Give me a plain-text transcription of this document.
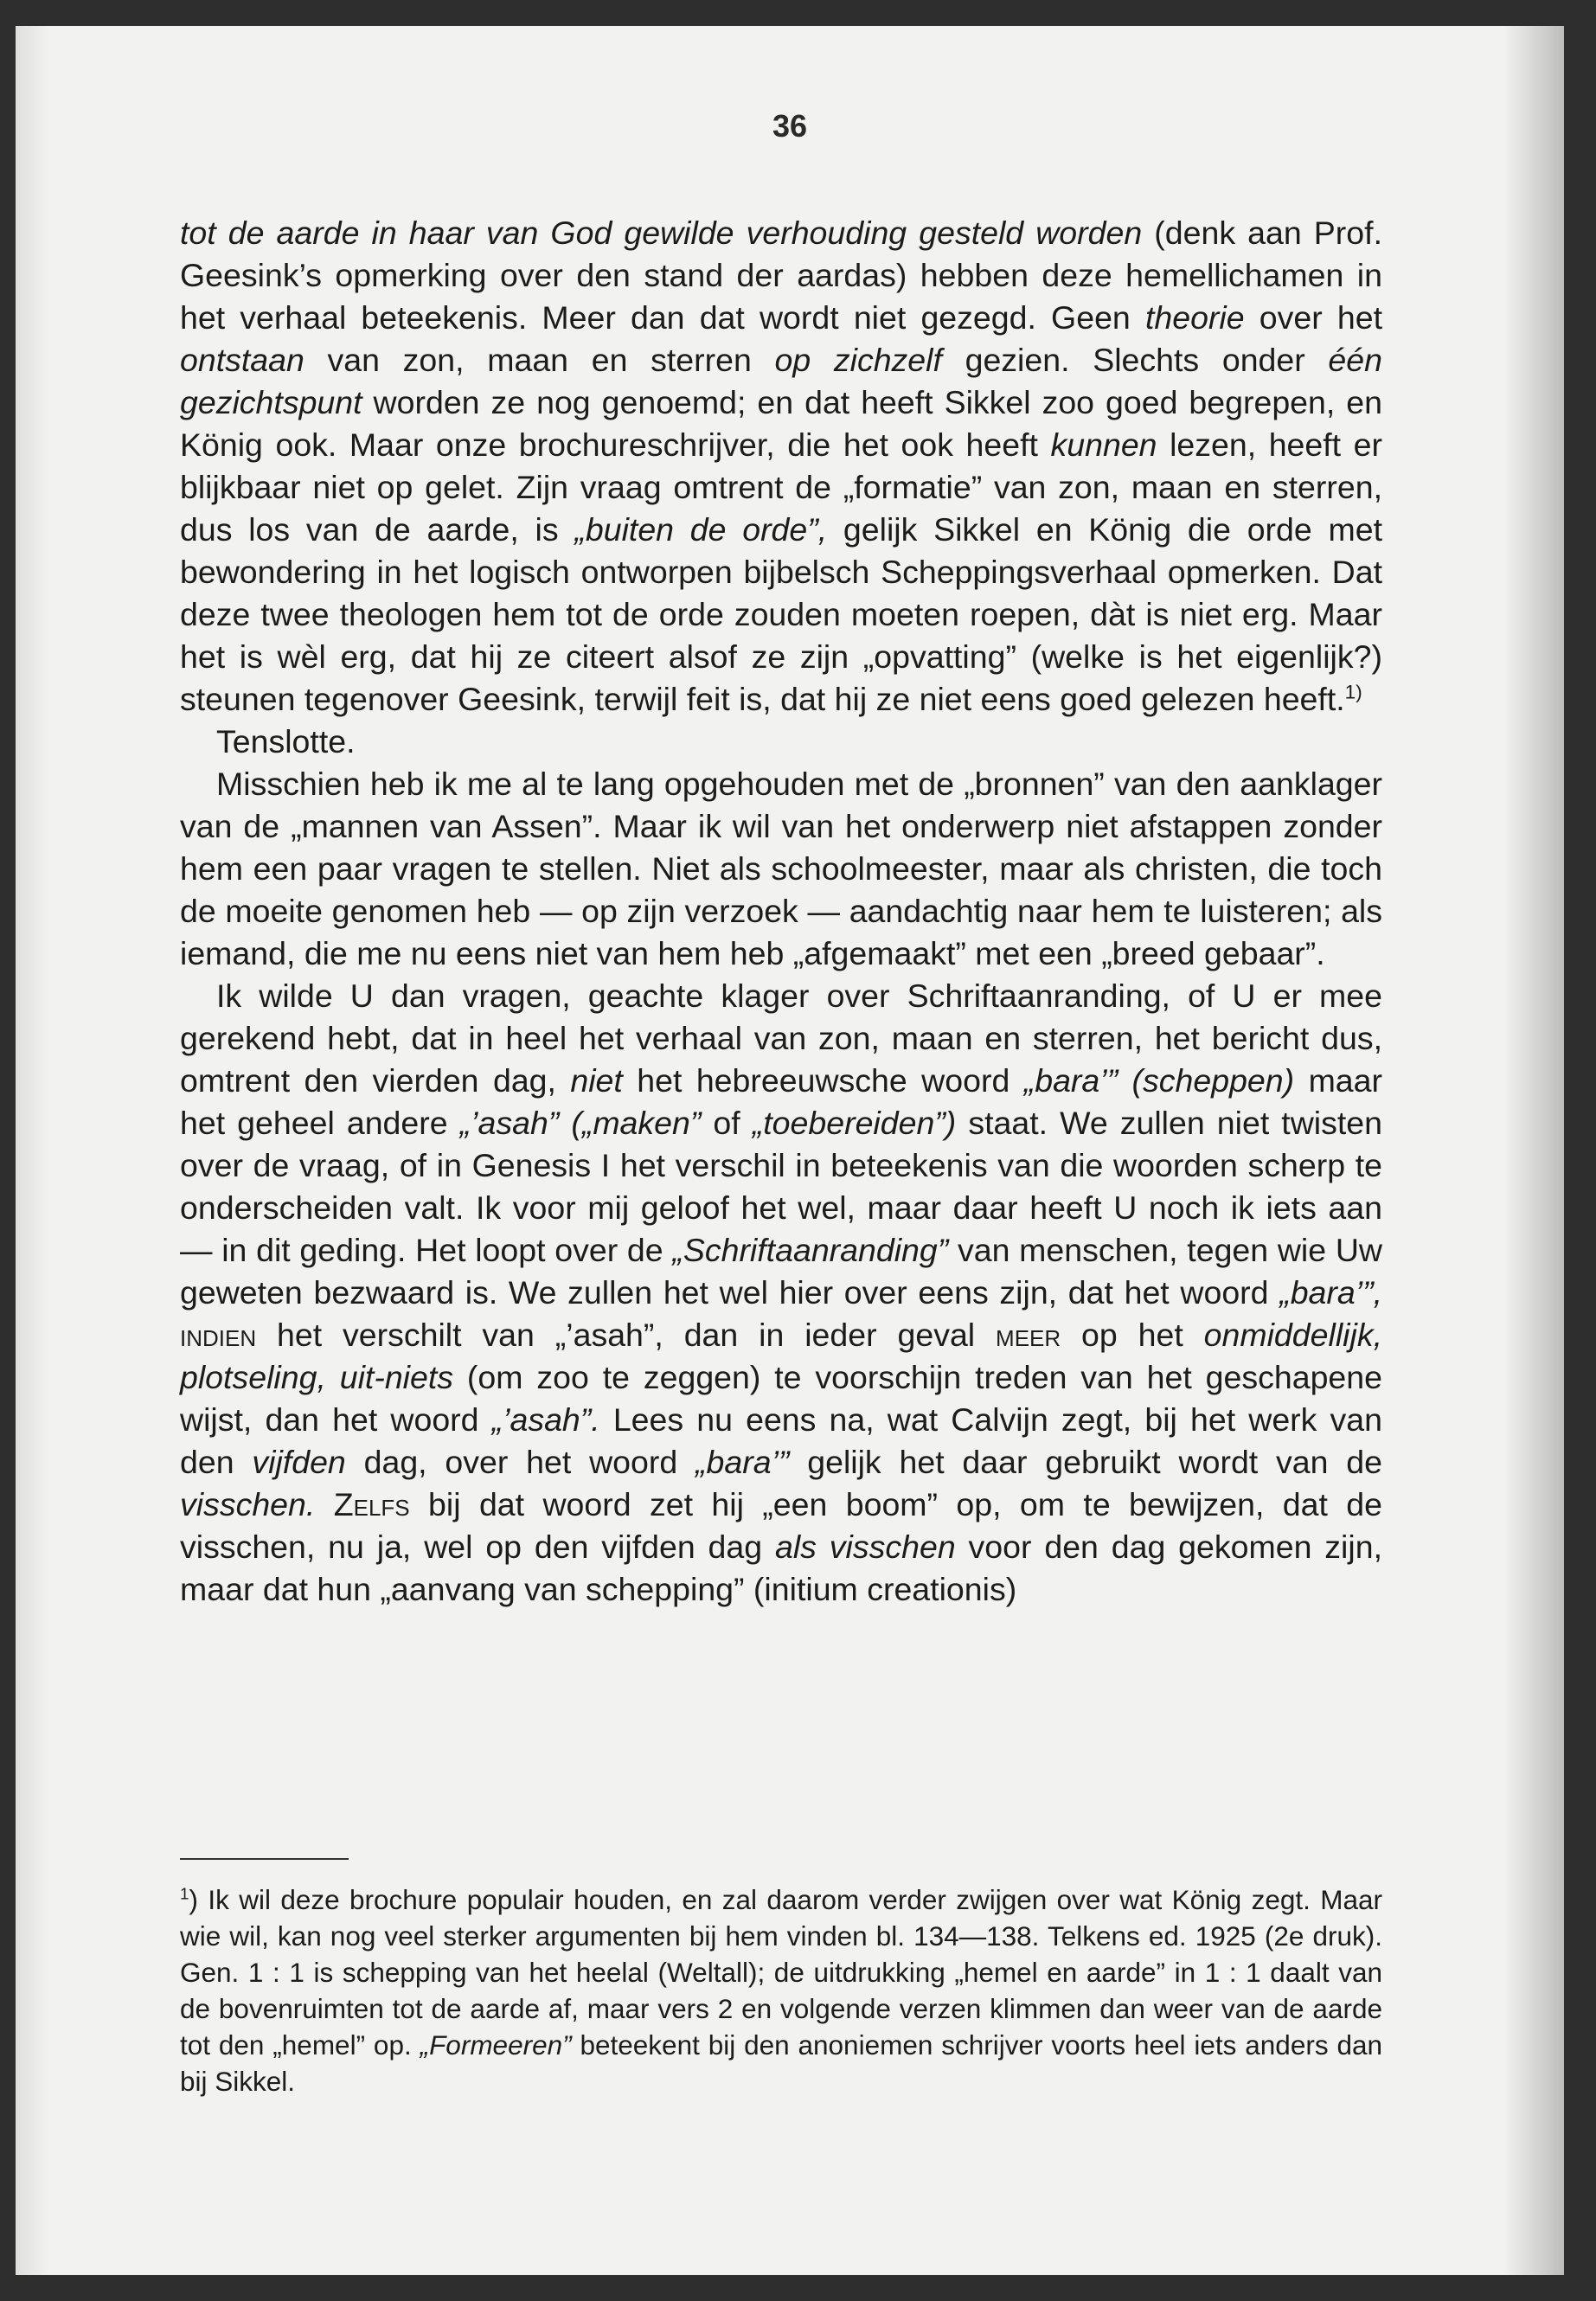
36

tot de aarde in haar van God gewilde verhouding gesteld worden (denk aan Prof. Geesink’s opmerking over den stand der aardas) hebben deze hemellichamen in het verhaal beteekenis. Meer dan dat wordt niet gezegd. Geen theorie over het ontstaan van zon, maan en sterren op zichzelf gezien. Slechts onder één gezichtspunt worden ze nog genoemd; en dat heeft Sikkel zoo goed begrepen, en König ook. Maar onze brochureschrijver, die het ook heeft kunnen lezen, heeft er blijkbaar niet op gelet. Zijn vraag omtrent de „formatie” van zon, maan en sterren, dus los van de aarde, is „buiten de orde”, gelijk Sikkel en König die orde met bewondering in het logisch ontworpen bijbelsch Scheppingsverhaal opmerken. Dat deze twee theologen hem tot de orde zouden moeten roepen, dàt is niet erg. Maar het is wèl erg, dat hij ze citeert alsof ze zijn „opvatting” (welke is het eigenlijk?) steunen tegenover Geesink, terwijl feit is, dat hij ze niet eens goed gelezen heeft.$^{1)}$

Tenslotte.

Misschien heb ik me al te lang opgehouden met de „bronnen” van den aanklager van de „mannen van Assen”. Maar ik wil van het onderwerp niet afstappen zonder hem een paar vragen te stellen. Niet als schoolmeester, maar als christen, die toch de moeite genomen heb — op zijn verzoek — aandachtig naar hem te luisteren; als iemand, die me nu eens niet van hem heb „afgemaakt” met een „breed gebaar”.

Ik wilde U dan vragen, geachte klager over Schriftaanranding, of U er mee gerekend hebt, dat in heel het verhaal van zon, maan en sterren, het bericht dus, omtrent den vierden dag, niet het hebreeuwsche woord „bara’” (scheppen) maar het geheel andere „’asah” („maken” of „toebereiden”) staat. We zullen niet twisten over de vraag, of in Genesis I het verschil in beteekenis van die woorden scherp te onderscheiden valt. Ik voor mij geloof het wel, maar daar heeft U noch ik iets aan — in dit geding. Het loopt over de „Schriftaanranding” van menschen, tegen wie Uw geweten bezwaard is. We zullen het wel hier over eens zijn, dat het woord „bara’”, indien het verschilt van „’asah”, dan in ieder geval meer op het onmiddellijk, plotseling, uit-niets (om zoo te zeggen) te voorschijn treden van het geschapene wijst, dan het woord „’asah”. Lees nu eens na, wat Calvijn zegt, bij het werk van den vijfden dag, over het woord „bara’” gelijk het daar gebruikt wordt van de visschen. Zelfs bij dat woord zet hij „een boom” op, om te bewijzen, dat de visschen, nu ja, wel op den vijfden dag als visschen voor den dag gekomen zijn, maar dat hun „aanvang van schepping” (initium creationis)

$^1$) Ik wil deze brochure populair houden, en zal daarom verder zwijgen over wat König zegt. Maar wie wil, kan nog veel sterker argumenten bij hem vinden bl. 134—138. Telkens ed. 1925 (2e druk). Gen. 1 : 1 is schepping van het heelal (Weltall); de uitdrukking „hemel en aarde” in 1 : 1 daalt van de bovenruimten tot de aarde af, maar vers 2 en volgende verzen klimmen dan weer van de aarde tot den „hemel” op. „Formeeren” beteekent bij den anoniemen schrijver voorts heel iets anders dan bij Sikkel.
